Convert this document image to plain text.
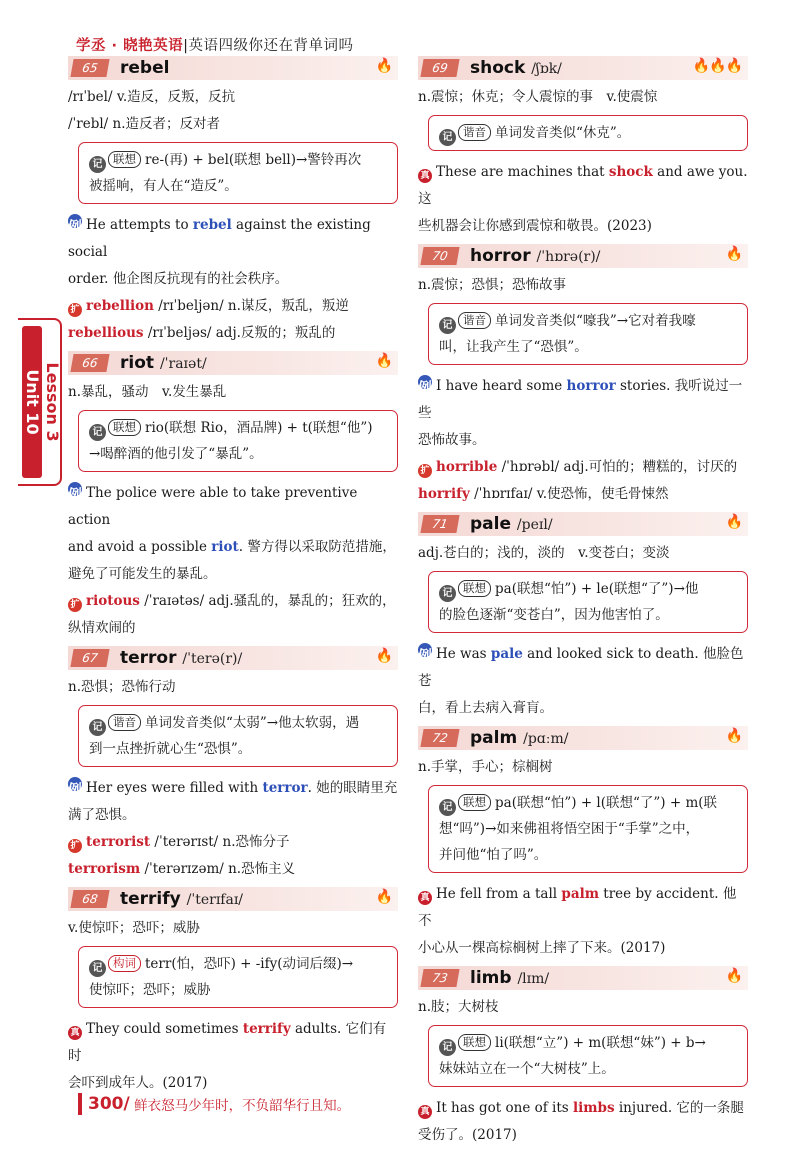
学丞 · 晓艳英语|英语四级你还在背单词吗
Unit 10 Lesson 3
65	rebel	🔥
/rɪˈbel/ v.造反，反叛，反抗
/ˈrebl/ n.造反者；反对者
记 联想 re-(再) + bel(联想 bell)→警铃再次
被摇响，有人在“造反”。
例 He attempts to rebel against the existing social
order. 他企图反抗现有的社会秩序。
扩 rebellion /rɪˈbeljən/ n.谋反，叛乱，叛逆
rebellious /rɪˈbeljəs/ adj.反叛的；叛乱的
66	riot /ˈraɪət/	🔥
n.暴乱，骚动　v.发生暴乱
记 联想 rio(联想 Rio，酒品牌) + t(联想“他”)
→喝醉酒的他引发了“暴乱”。
例 The police were able to take preventive action
and avoid a possible riot. 警方得以采取防范措施，
避免了可能发生的暴乱。
扩 riotous /ˈraɪətəs/ adj.骚乱的，暴乱的；狂欢的，
纵情欢闹的
67	terror /ˈterə(r)/	🔥
n.恐惧；恐怖行动
记 谐音 单词发音类似“太弱”→他太软弱，遇
到一点挫折就心生“恐惧”。
例 Her eyes were filled with terror. 她的眼睛里充
满了恐惧。
扩 terrorist /ˈterərɪst/ n.恐怖分子
terrorism /ˈterərɪzəm/ n.恐怖主义
68	terrify /ˈterɪfaɪ/	🔥
v.使惊吓；恐吓；威胁
记 构词 terr(怕，恐吓) + -ify(动词后缀)→
使惊吓；恐吓；威胁
真 They could sometimes terrify adults. 它们有时
会吓到成年人。(2017)
69	shock /ʃɒk/	🔥🔥🔥
n.震惊；休克；令人震惊的事　v.使震惊
记 谐音 单词发音类似“休克”。
真 These are machines that shock and awe you. 这
些机器会让你感到震惊和敬畏。(2023)
70	horror /ˈhɒrə(r)/	🔥
n.震惊；恐惧；恐怖故事
记 谐音 单词发音类似“嚎我”→它对着我嚎
叫，让我产生了“恐惧”。
例 I have heard some horror stories. 我听说过一些
恐怖故事。
扩 horrible /ˈhɒrəbl/ adj.可怕的；糟糕的，讨厌的
horrify /ˈhɒrɪfaɪ/ v.使恐怖，使毛骨悚然
71	pale /peɪl/	🔥
adj.苍白的；浅的，淡的　v.变苍白；变淡
记 联想 pa(联想“怕”) + le(联想“了”)→他
的脸色逐渐“变苍白”，因为他害怕了。
例 He was pale and looked sick to death. 他脸色苍
白，看上去病入膏肓。
72	palm /pɑːm/	🔥
n.手掌，手心；棕榈树
记 联想 pa(联想“怕”) + l(联想“了”) + m(联
想“吗”)→如来佛祖将悟空困于“手掌”之中，
并问他“怕了吗”。
真 He fell from a tall palm tree by accident. 他不
小心从一棵高棕榈树上摔了下来。(2017)
73	limb /lɪm/	🔥
n.肢；大树枝
记 联想 li(联想“立”) + m(联想“妹”) + b→
妹妹站立在一个“大树枝”上。
真 It has got one of its limbs injured. 它的一条腿
受伤了。(2017)
300/ 鲜衣怒马少年时，不负韶华行且知。
